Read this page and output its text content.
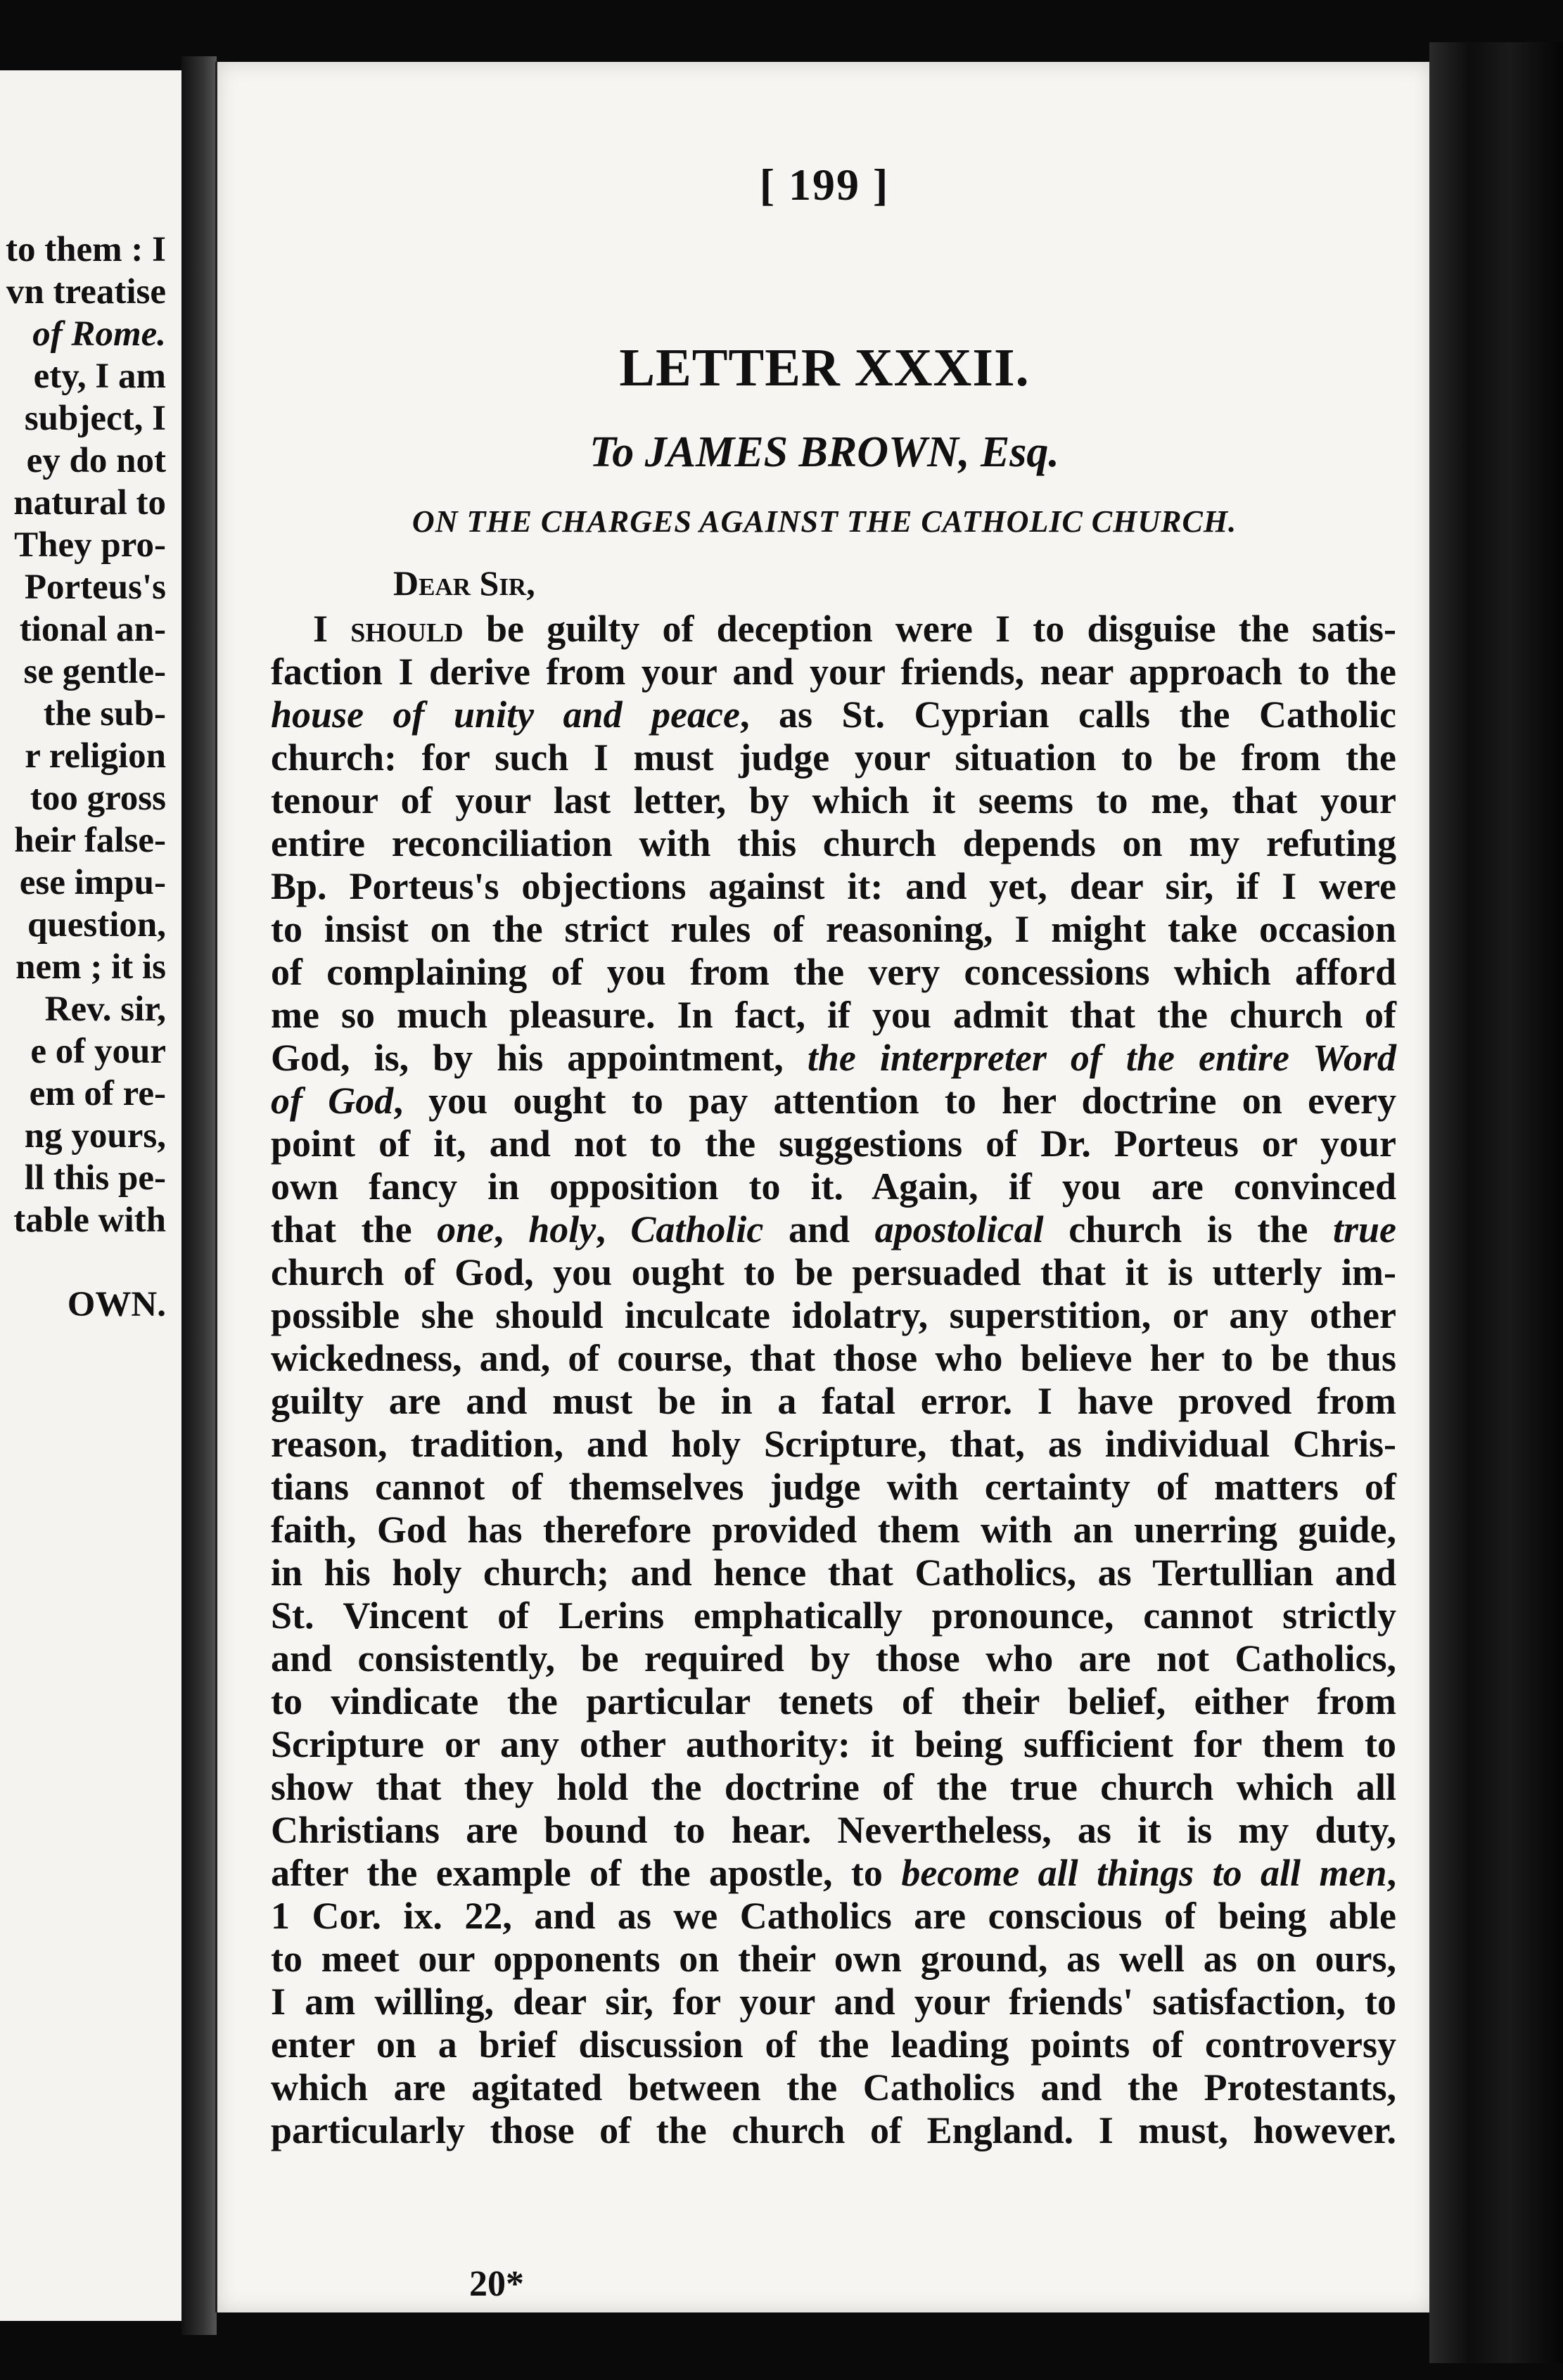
to them : I
vn treatise
of Rome.
ety, I am
subject, I
ey do not
natural to
They pro-
Porteus's
tional an-
se gentle-
the sub-
r religion
too gross
heir false-
ese impu-
question,
nem ; it is
Rev. sir,
e of your
em of re-
ng yours,
ll this pe-
table with
OWN.
[ 199 ]
LETTER XXXII.
To JAMES BROWN, Esq.
ON THE CHARGES AGAINST THE CATHOLIC CHURCH.
Dear Sir,
I should be guilty of deception were I to disguise the satis-
faction I derive from your and your friends, near approach to the
house of unity and peace, as St. Cyprian calls the Catholic
church: for such I must judge your situation to be from the
tenour of your last letter, by which it seems to me, that your
entire reconciliation with this church depends on my refuting
Bp. Porteus's objections against it: and yet, dear sir, if I were
to insist on the strict rules of reasoning, I might take occasion
of complaining of you from the very concessions which afford
me so much pleasure. In fact, if you admit that the church of
God, is, by his appointment, the interpreter of the entire Word
of God, you ought to pay attention to her doctrine on every
point of it, and not to the suggestions of Dr. Porteus or your
own fancy in opposition to it. Again, if you are convinced
that the one, holy, Catholic and apostolical church is the true
church of God, you ought to be persuaded that it is utterly im-
possible she should inculcate idolatry, superstition, or any other
wickedness, and, of course, that those who believe her to be thus
guilty are and must be in a fatal error. I have proved from
reason, tradition, and holy Scripture, that, as individual Chris-
tians cannot of themselves judge with certainty of matters of
faith, God has therefore provided them with an unerring guide,
in his holy church; and hence that Catholics, as Tertullian and
St. Vincent of Lerins emphatically pronounce, cannot strictly
and consistently, be required by those who are not Catholics,
to vindicate the particular tenets of their belief, either from
Scripture or any other authority: it being sufficient for them to
show that they hold the doctrine of the true church which all
Christians are bound to hear. Nevertheless, as it is my duty,
after the example of the apostle, to become all things to all men,
1 Cor. ix. 22, and as we Catholics are conscious of being able
to meet our opponents on their own ground, as well as on ours,
I am willing, dear sir, for your and your friends' satisfaction, to
enter on a brief discussion of the leading points of controversy
which are agitated between the Catholics and the Protestants,
particularly those of the church of England. I must, however.
20*
